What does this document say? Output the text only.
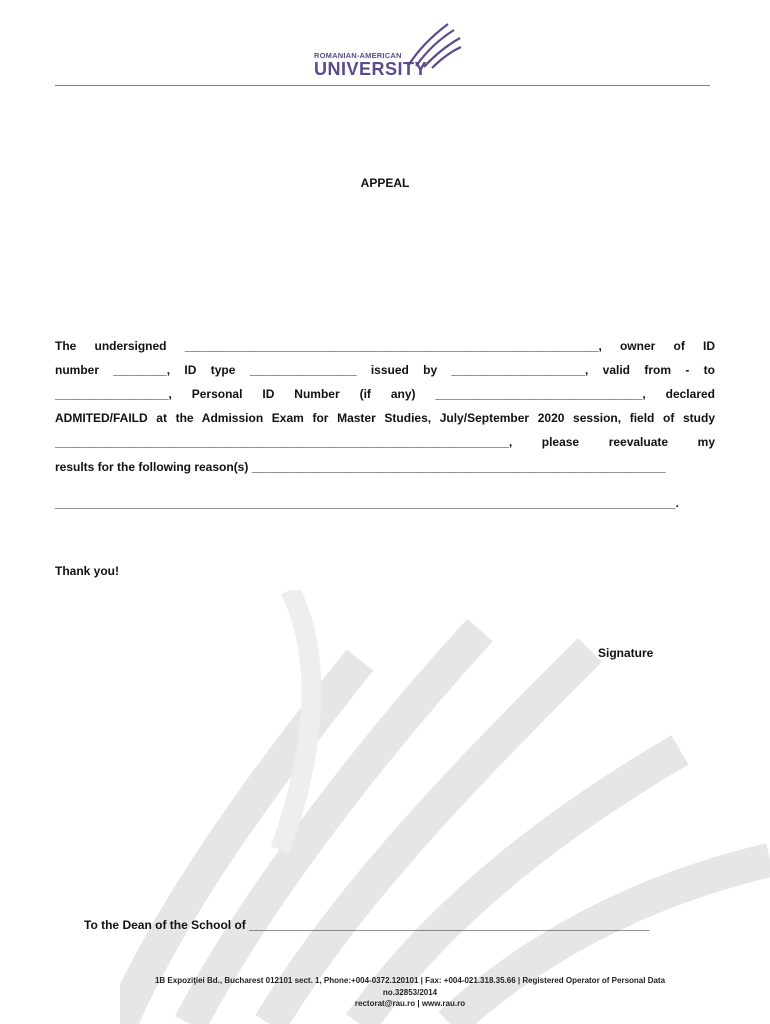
ROMANIAN-AMERICAN
UNIVERSITY
APPEAL
The undersigned ______________________________________________________________, owner of ID
number ________, ID type ________________ issued by ____________________, valid from - to
_________________, Personal ID Number (if any) _______________________________, declared
ADMITED/FAILD at the Admission Exam for Master Studies, July/September 2020 session, field of study
____________________________________________________________________, please reevaluate my
results for the following reason(s) ______________________________________________________________
_____________________________________________________________________________________________.
Thank you!
Signature
To the Dean of the School of ____________________________________________________________
1B Expoziţiei Bd., Bucharest 012101 sect. 1, Phone:+004-0372.120101 | Fax: +004-021.318.35.66 | Registered Operator of Personal Data
no.32853/2014
rectorat@rau.ro | www.rau.ro
